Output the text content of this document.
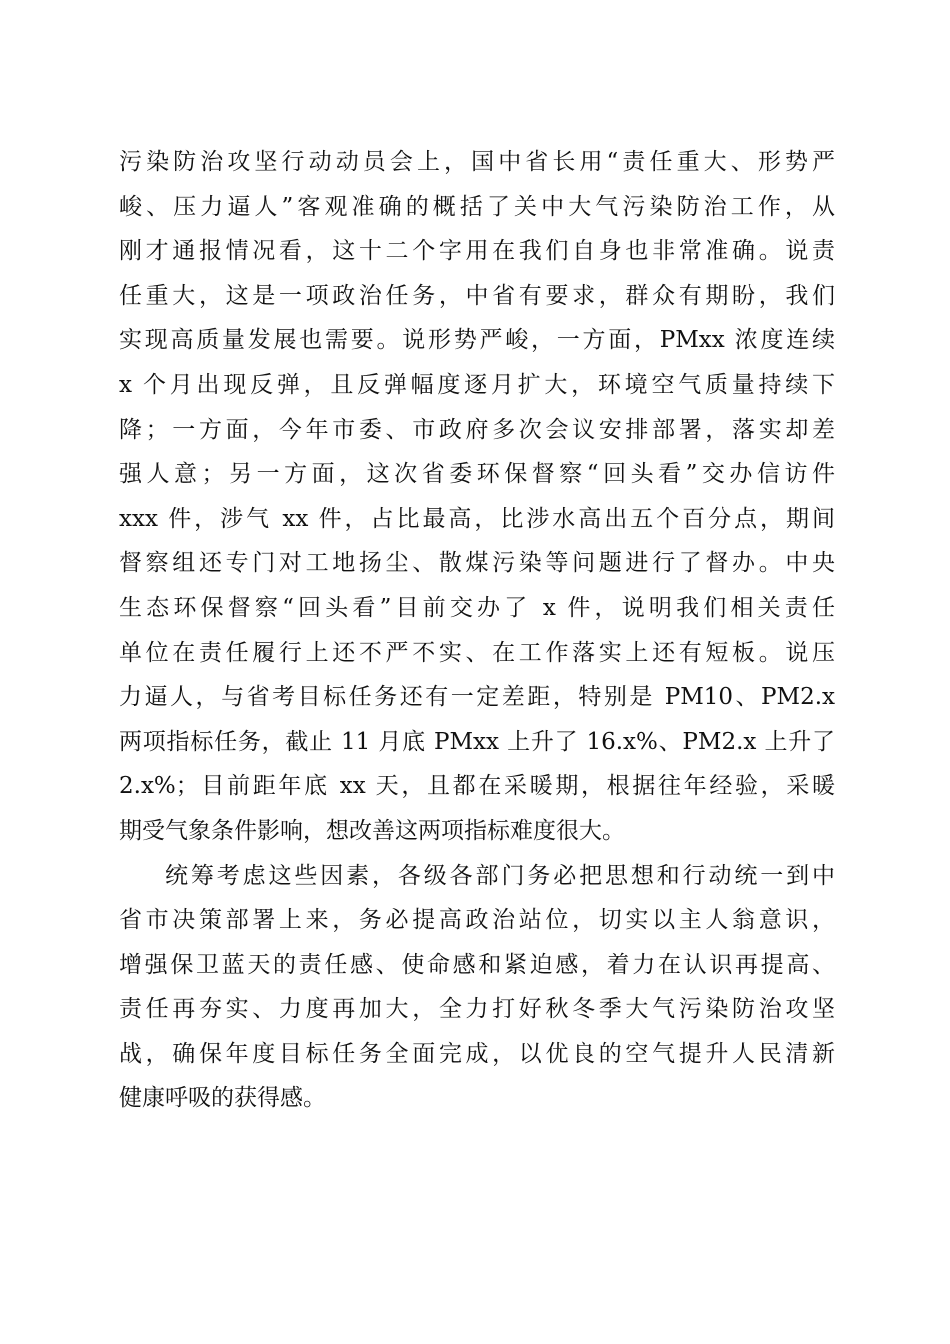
污染防治攻坚行动动员会上，国中省长用“责任重大、形势严
峻、压力逼人”客观准确的概括了关中大气污染防治工作，从
刚才通报情况看，这十二个字用在我们自身也非常准确。说责
任重大，这是一项政治任务，中省有要求，群众有期盼，我们
实现高质量发展也需要。说形势严峻，一方面，PMxx 浓度连续
x 个月出现反弹，且反弹幅度逐月扩大，环境空气质量持续下
降；一方面，今年市委、市政府多次会议安排部署，落实却差
强人意；另一方面，这次省委环保督察“回头看”交办信访件
xxx 件，涉气 xx 件，占比最高，比涉水高出五个百分点，期间
督察组还专门对工地扬尘、散煤污染等问题进行了督办。中央
生态环保督察“回头看”目前交办了 x 件，说明我们相关责任
单位在责任履行上还不严不实、在工作落实上还有短板。说压
力逼人，与省考目标任务还有一定差距，特别是 PM10、PM2.x
两项指标任务，截止 11 月底 PMxx 上升了 16.x%、PM2.x 上升了
2.x%；目前距年底 xx 天，且都在采暖期，根据往年经验，采暖
期受气象条件影响，想改善这两项指标难度很大。
统筹考虑这些因素，各级各部门务必把思想和行动统一到中
省市决策部署上来，务必提高政治站位，切实以主人翁意识，
增强保卫蓝天的责任感、使命感和紧迫感，着力在认识再提高、
责任再夯实、力度再加大，全力打好秋冬季大气污染防治攻坚
战，确保年度目标任务全面完成，以优良的空气提升人民清新
健康呼吸的获得感。
